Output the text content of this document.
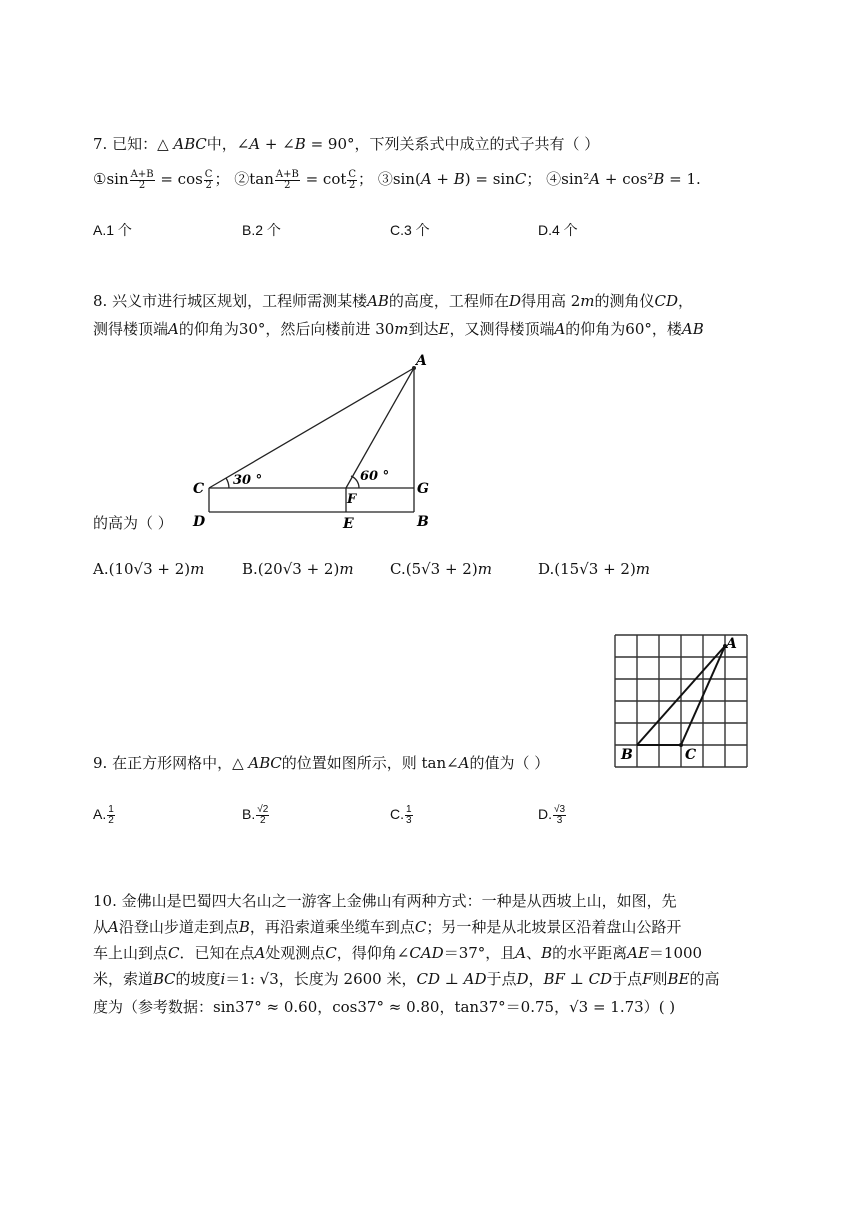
7. 已知：△ 𝐴𝐵𝐶中，∠𝐴 + ∠𝐵 = 90°，下列关系式中成立的式子共有（ ）
①sin $\frac{A+B}{2} = \cos \frac{C}{2}$ ； ②tan $\frac{A+B}{2} = \cot \frac{C}{2}$ ； ③sin(𝐴 + 𝐵) = sin𝐶； ④sin²𝐴 + cos²𝐵 = 1.
A.1 个	B.2 个	C.3 个	D.4 个
8. 兴义市进行城区规划，工程师需测某楼𝐴𝐵的高度，工程师在𝐷得用高 2𝑚的测角仪𝐶𝐷，
测得楼顶端𝐴的仰角为30°，然后向楼前进 30𝑚到达𝐸，又测得楼顶端𝐴的仰角为60°，楼𝐴𝐵
A
C	G
F
D	E	B
30 °	60 °
的高为（ ）
A.(10√3 + 2)𝑚	B.(20√3 + 2)𝑚 C.(5√3 + 2)𝑚	D.(15√3 + 2)𝑚
A
B	C
9. 在正方形网格中，△ 𝐴𝐵𝐶的位置如图所示，则 tan∠𝐴的值为（ ）
A. $\frac{1}{2}$	B. $\frac{√2}{2}$	C. $\frac{1}{3}$	D. $\frac{√3}{3}$
10. 金佛山是巴蜀四大名山之一游客上金佛山有两种方式：一种是从西坡上山，如图，先
从𝐴沿登山步道走到点𝐵，再沿索道乘坐缆车到点𝐶；另一种是从北坡景区沿着盘山公路开
车上山到点𝐶．已知在点𝐴处观测点𝐶，得仰角∠𝐶𝐴𝐷＝37°，且𝐴、𝐵的水平距离𝐴𝐸＝1000
米，索道𝐵𝐶的坡度𝑖＝1: √3，长度为 2600 米，𝐶𝐷 ⊥ 𝐴𝐷于点𝐷，𝐵𝐹 ⊥ 𝐶𝐷于点𝐹则𝐵𝐸的高
度为（参考数据：sin37° ≈ 0.60，cos37° ≈ 0.80，tan37°＝0.75，√3 = 1.73）( )
